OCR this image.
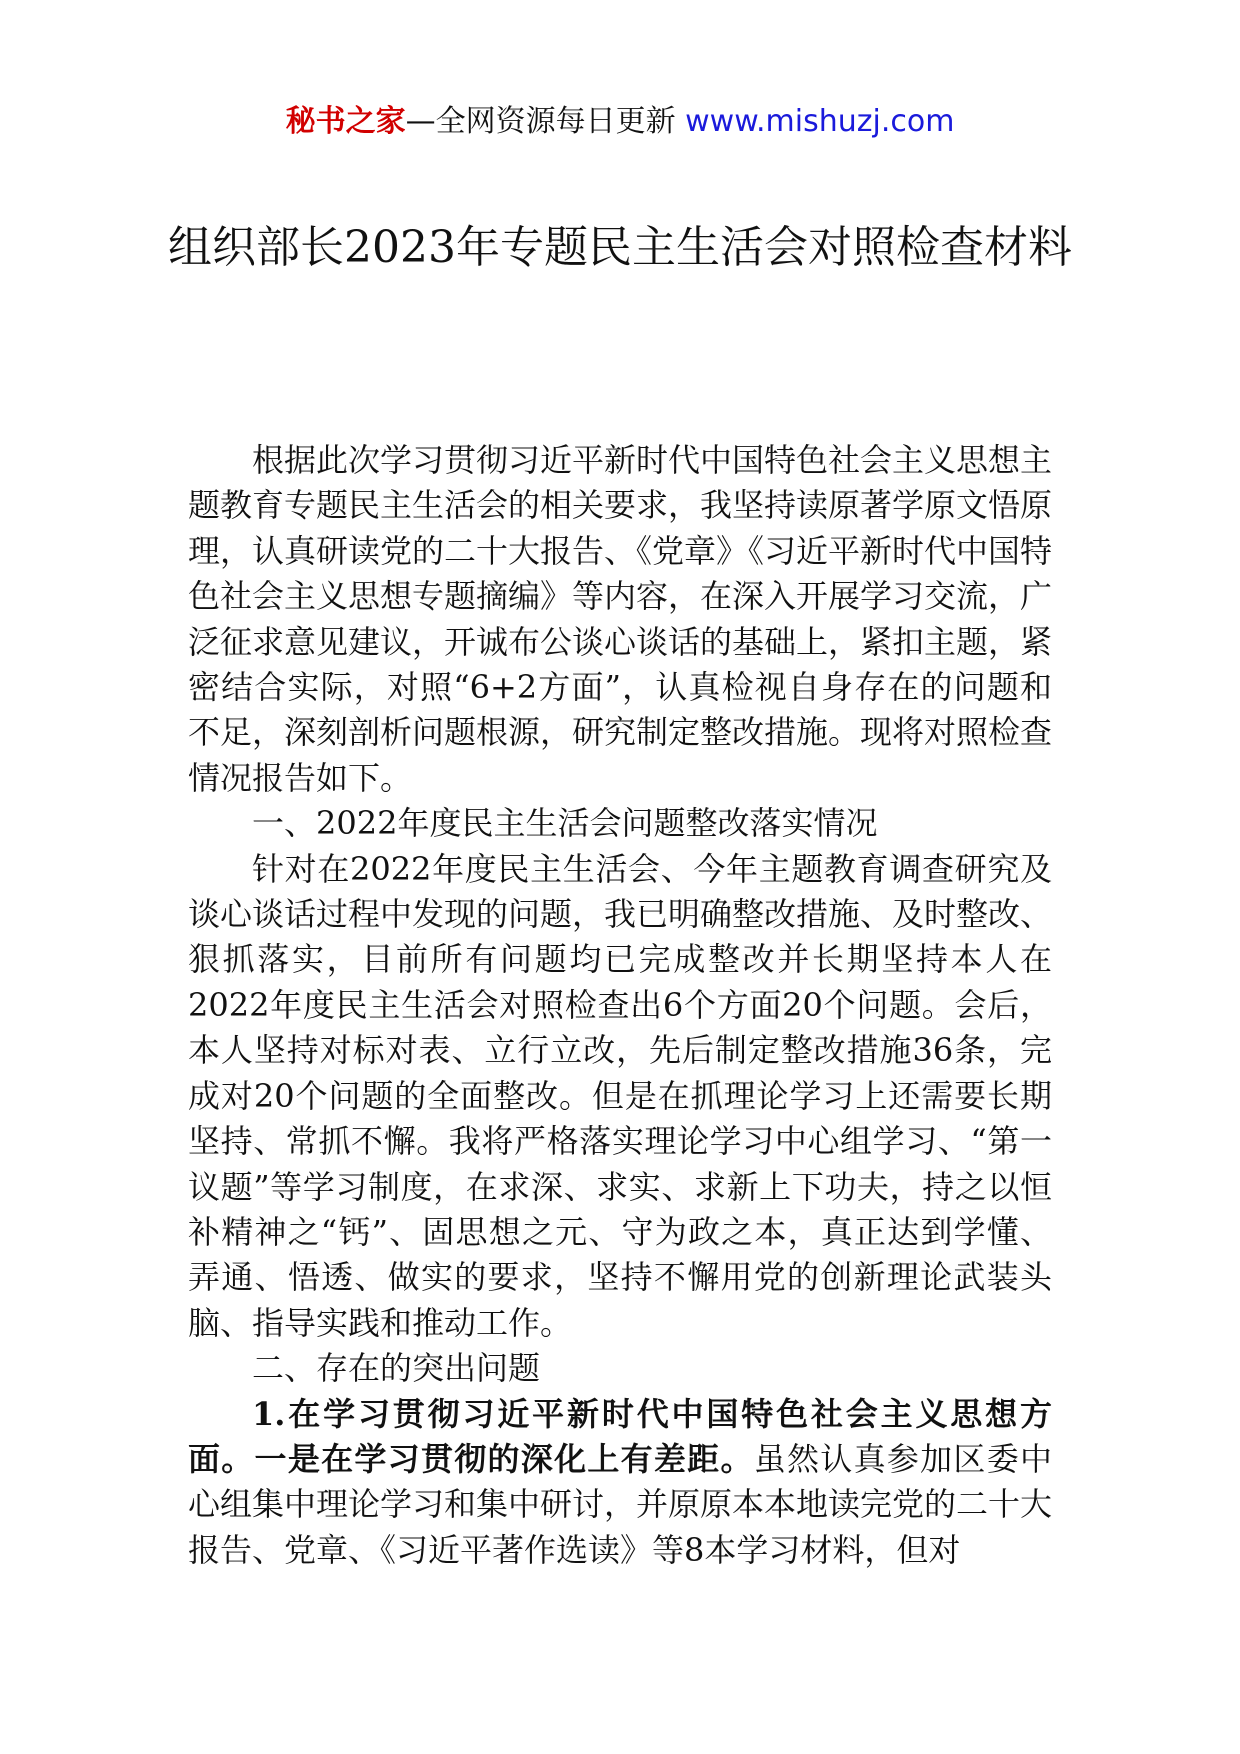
秘书之家—全网资源每日更新 www.mishuzj.com
组织部长2023年专题民主生活会对照检查材料

根据此次学习贯彻习近平新时代中国特色社会主义思想主题教育专题民主生活会的相关要求，我坚持读原著学原文悟原理，认真研读党的二十大报告、《党章》《习近平新时代中国特色社会主义思想专题摘编》等内容，在深入开展学习交流，广泛征求意见建议，开诚布公谈心谈话的基础上，紧扣主题，紧密结合实际，对照“6+2方面”，认真检视自身存在的问题和不足，深刻剖析问题根源，研究制定整改措施。现将对照检查情况报告如下。

一、2022年度民主生活会问题整改落实情况

针对在2022年度民主生活会、今年主题教育调查研究及谈心谈话过程中发现的问题，我已明确整改措施、及时整改、狠抓落实，目前所有问题均已完成整改并长期坚持本人在2022年度民主生活会对照检查出6个方面20个问题。会后，本人坚持对标对表、立行立改，先后制定整改措施36条，完成对20个问题的全面整改。但是在抓理论学习上还需要长期坚持、常抓不懈。我将严格落实理论学习中心组学习、“第一议题”等学习制度，在求深、求实、求新上下功夫，持之以恒补精神之“钙”、固思想之元、守为政之本，真正达到学懂、弄通、悟透、做实的要求，坚持不懈用党的创新理论武装头脑、指导实践和推动工作。

二、存在的突出问题

1.在学习贯彻习近平新时代中国特色社会主义思想方面。一是在学习贯彻的深化上有差距。虽然认真参加区委中心组集中理论学习和集中研讨，并原原本本地读完党的二十大报告、党章、《习近平著作选读》等8本学习材料，但对
